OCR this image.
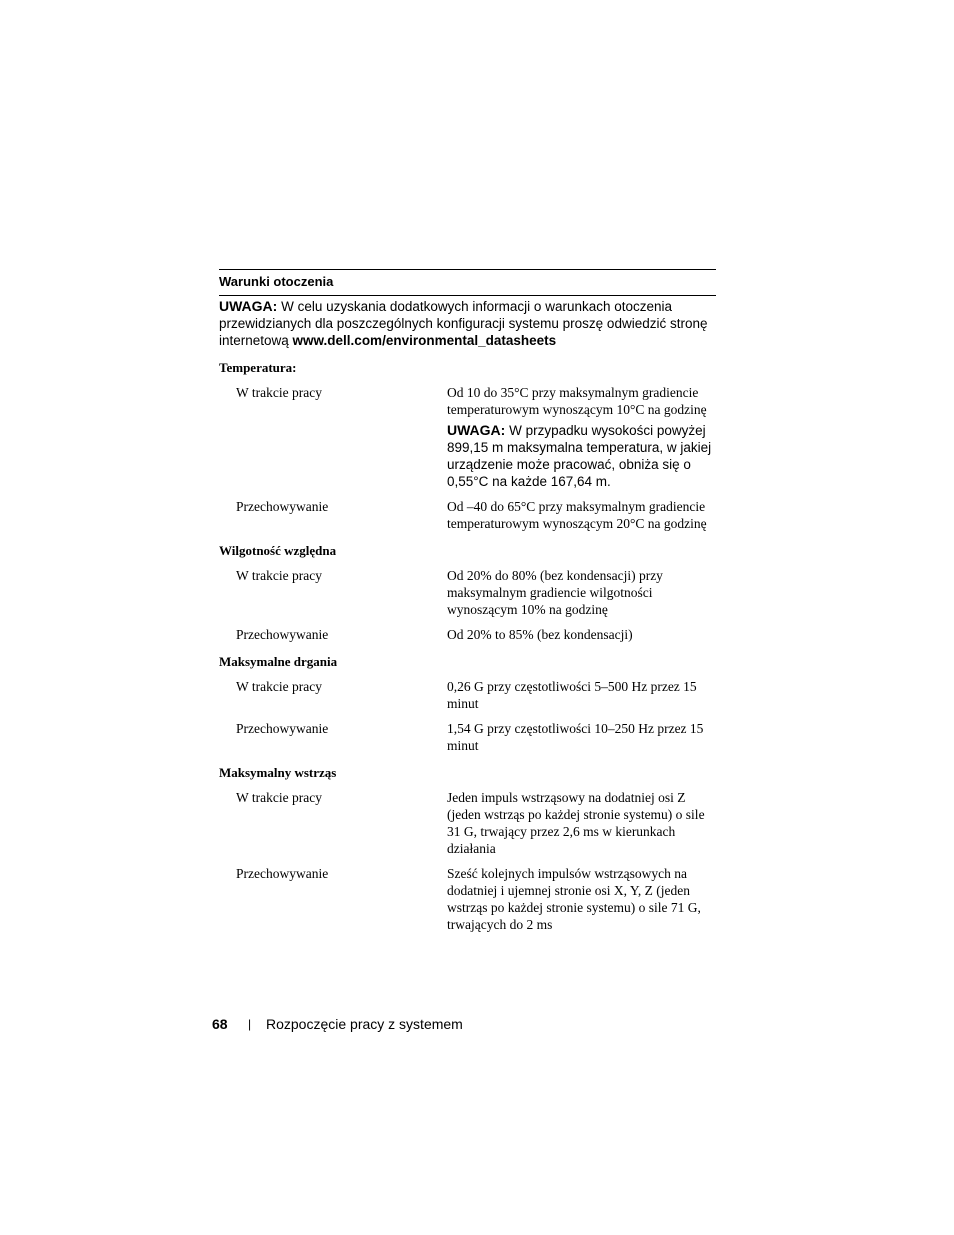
Warunki otoczenia
UWAGA: W celu uzyskania dodatkowych informacji o warunkach otoczenia przewidzianych dla poszczególnych konfiguracji systemu proszę odwiedzić stronę internetową www.dell.com/environmental_datasheets
Temperatura:
W trakcie pracy	Od 10 do 35°C przy maksymalnym gradiencie temperaturowym wynoszącym 10°C na godzinę
UWAGA: W przypadku wysokości powyżej 899,15 m maksymalna temperatura, w jakiej urządzenie może pracować, obniża się o 0,55°C na każde 167,64 m.
Przechowywanie	Od –40 do 65°C przy maksymalnym gradiencie temperaturowym wynoszącym 20°C na godzinę
Wilgotność względna
W trakcie pracy	Od 20% do 80% (bez kondensacji) przy maksymalnym gradiencie wilgotności wynoszącym 10% na godzinę
Przechowywanie	Od 20% to 85% (bez kondensacji)
Maksymalne drgania
W trakcie pracy	0,26 G przy częstotliwości 5–500 Hz przez 15 minut
Przechowywanie	1,54 G przy częstotliwości 10–250 Hz przez 15 minut
Maksymalny wstrząs
W trakcie pracy	Jeden impuls wstrząsowy na dodatniej osi Z (jeden wstrząs po każdej stronie systemu) o sile 31 G, trwający przez 2,6 ms w kierunkach działania
Przechowywanie	Sześć kolejnych impulsów wstrząsowych na dodatniej i ujemnej stronie osi X, Y, Z (jeden wstrząs po każdej stronie systemu) o sile 71 G, trwających do 2 ms
68	|	Rozpoczęcie pracy z systemem
